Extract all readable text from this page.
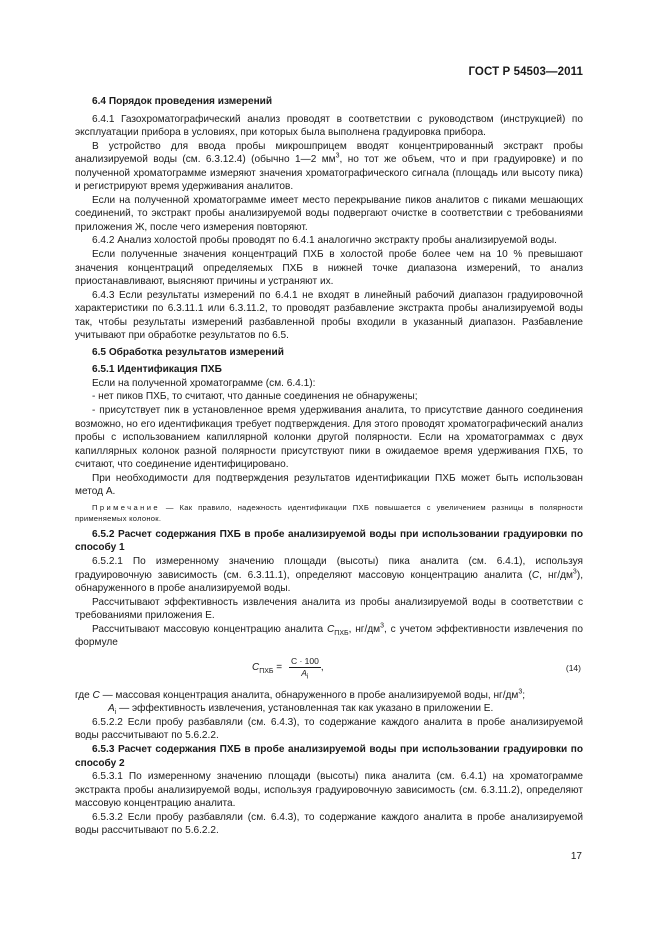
ГОСТ Р 54503—2011

6.4 Порядок проведения измерений

6.4.1 Газохроматографический анализ проводят в соответствии с руководством (инструкцией) по эксплуатации прибора в условиях, при которых была выполнена градуировка прибора.

В устройство для ввода пробы микрошприцем вводят концентрированный экстракт пробы анализируемой воды (см. 6.3.12.4) (обычно 1—2 $мм^3$, но тот же объем, что и при градуировке) и по полученной хроматограмме измеряют значения хроматографического сигнала (площадь или высоту пика) и регистрируют время удерживания аналитов.

Если на полученной хроматограмме имеет место перекрывание пиков аналитов с пиками мешающих соединений, то экстракт пробы анализируемой воды подвергают очистке в соответствии с требованиями приложения Ж, после чего измерения повторяют.

6.4.2 Анализ холостой пробы проводят по 6.4.1 аналогично экстракту пробы анализируемой воды.

Если полученные значения концентраций ПХБ в холостой пробе более чем на 10 % превышают значения концентраций определяемых ПХБ в нижней точке диапазона измерений, то анализ приостанавливают, выясняют причины и устраняют их.

6.4.3 Если результаты измерений по 6.4.1 не входят в линейный рабочий диапазон градуировочной характеристики по 6.3.11.1 или 6.3.11.2, то проводят разбавление экстракта пробы анализируемой воды так, чтобы результаты измерений разбавленной пробы входили в указанный диапазон. Разбавление учитывают при обработке результатов по 6.5.

6.5 Обработка результатов измерений

6.5.1 Идентификация ПХБ

Если на полученной хроматограмме (см. 6.4.1):

- нет пиков ПХБ, то считают, что данные соединения не обнаружены;

- присутствует пик в установленное время удерживания аналита, то присутствие данного соединения возможно, но его идентификация требует подтверждения. Для этого проводят хроматографический анализ пробы с использованием капиллярной колонки другой полярности. Если на хроматограммах с двух капиллярных колонок разной полярности присутствуют пики в ожидаемое время удерживания ПХБ, то считают, что соединение идентифицировано.

При необходимости для подтверждения результатов идентификации ПХБ может быть использован метод А.

Примечание — Как правило, надежность идентификации ПХБ повышается с увеличением разницы в полярности применяемых колонок.

6.5.2 Расчет содержания ПХБ в пробе анализируемой воды при использовании градуировки по способу 1

6.5.2.1 По измеренному значению площади (высоты) пика аналита (см. 6.4.1), используя градуировочную зависимость (см. 6.3.11.1), определяют массовую концентрацию аналита (C, $нг/дм^3$), обнаруженного в пробе анализируемой воды.

Рассчитывают эффективность извлечения аналита из пробы анализируемой воды в соответствии с требованиями приложения Е.

Рассчитывают массовую концентрацию аналита $C_{ПХБ}$, $нг/дм^3$, с учетом эффективности извлечения по формуле

$C_{ПХБ} = \frac{C \cdot 100}{A_i}$ ,	(14)

где C — массовая концентрация аналита, обнаруженного в пробе анализируемой воды, $нг/дм^3$;

$A_i$ — эффективность извлечения, установленная так как указано в приложении Е.

6.5.2.2 Если пробу разбавляли (см. 6.4.3), то содержание каждого аналита в пробе анализируемой воды рассчитывают по 5.6.2.2.

6.5.3 Расчет содержания ПХБ в пробе анализируемой воды при использовании градуировки по способу 2

6.5.3.1 По измеренному значению площади (высоты) пика аналита (см. 6.4.1) на хроматограмме экстракта пробы анализируемой воды, используя градуировочную зависимость (см. 6.3.11.2), определяют массовую концентрацию аналита.

6.5.3.2 Если пробу разбавляли (см. 6.4.3), то содержание каждого аналита в пробе анализируемой воды рассчитывают по 5.6.2.2.

17
